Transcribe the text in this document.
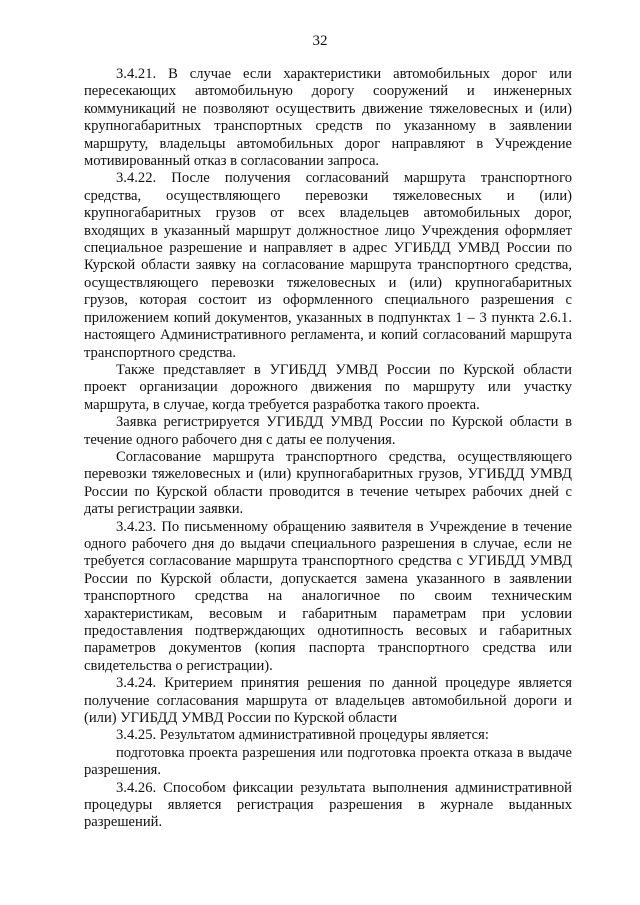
32

3.4.21. В случае если характеристики автомобильных дорог или пересекающих автомобильную дорогу сооружений и инженерных коммуникаций не позволяют осуществить движение тяжеловесных и (или) крупногабаритных транспортных средств по указанному в заявлении маршруту, владельцы автомобильных дорог направляют в Учреждение мотивированный отказ в согласовании запроса.

3.4.22. После получения согласований маршрута транспортного средства, осуществляющего перевозки тяжеловесных и (или) крупногабаритных грузов от всех владельцев автомобильных дорог, входящих в указанный маршрут должностное лицо Учреждения оформляет специальное разрешение и направляет в адрес УГИБДД УМВД России по Курской области заявку на согласование маршрута транспортного средства, осуществляющего перевозки тяжеловесных и (или) крупногабаритных грузов, которая состоит из оформленного специального разрешения с приложением копий документов, указанных в подпунктах 1 – 3 пункта 2.6.1. настоящего Административного регламента, и копий согласований маршрута транспортного средства.

Также представляет в УГИБДД УМВД России по Курской области проект организации дорожного движения по маршруту или участку маршрута, в случае, когда требуется разработка такого проекта.

Заявка регистрируется УГИБДД УМВД России по Курской области в течение одного рабочего дня с даты ее получения.

Согласование маршрута транспортного средства, осуществляющего перевозки тяжеловесных и (или) крупногабаритных грузов, УГИБДД УМВД России по Курской области проводится в течение четырех рабочих дней с даты регистрации заявки.

3.4.23. По письменному обращению заявителя в Учреждение в течение одного рабочего дня до выдачи специального разрешения в случае, если не требуется согласование маршрута транспортного средства с УГИБДД УМВД России по Курской области, допускается замена указанного в заявлении транспортного средства на аналогичное по своим техническим характеристикам, весовым и габаритным параметрам при условии предоставления подтверждающих однотипность весовых и габаритных параметров документов (копия паспорта транспортного средства или свидетельства о регистрации).

3.4.24. Критерием принятия решения по данной процедуре является получение согласования маршрута от владельцев автомобильной дороги и (или) УГИБДД УМВД России по Курской области

3.4.25. Результатом административной процедуры является:

подготовка проекта разрешения или подготовка проекта отказа в выдаче разрешения.

3.4.26. Способом фиксации результата выполнения административной процедуры является регистрация разрешения в журнале выданных разрешений.
